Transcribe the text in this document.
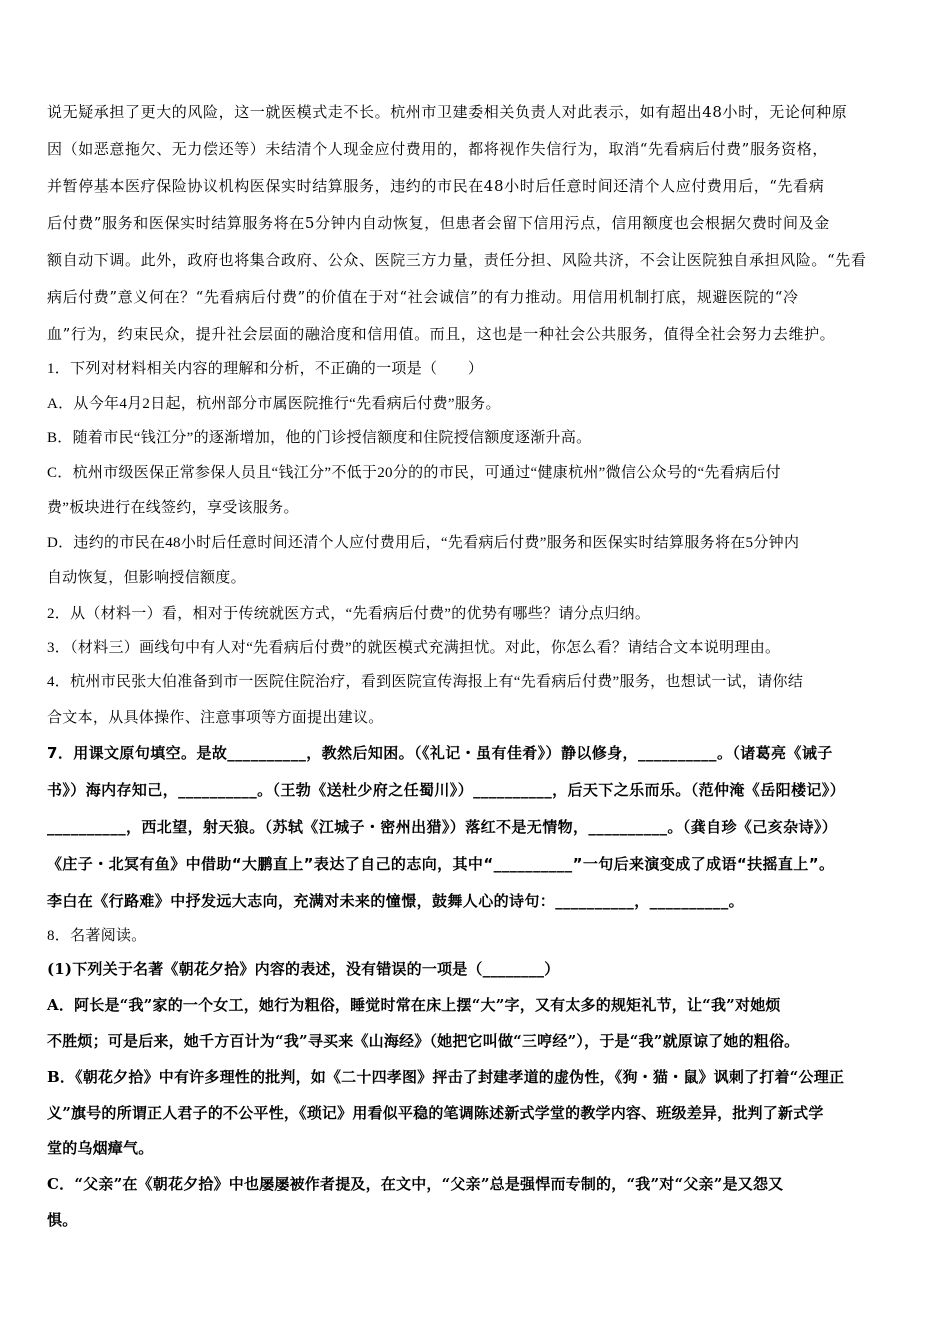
说无疑承担了更大的风险，这一就医模式走不长。杭州市卫建委相关负责人对此表示，如有超出48小时，无论何种原
因（如恶意拖欠、无力偿还等）未结清个人现金应付费用的，都将视作失信行为，取消“先看病后付费”服务资格，
并暂停基本医疗保险协议机构医保实时结算服务，违约的市民在48小时后任意时间还清个人应付费用后，“先看病
后付费”服务和医保实时结算服务将在5分钟内自动恢复，但患者会留下信用污点，信用额度也会根据欠费时间及金
额自动下调。此外，政府也将集合政府、公众、医院三方力量，责任分担、风险共济，不会让医院独自承担风险。“先看
病后付费”意义何在？“先看病后付费”的价值在于对“社会诚信”的有力推动。用信用机制打底，规避医院的“冷
血”行为，约束民众，提升社会层面的融洽度和信用值。而且，这也是一种社会公共服务，值得全社会努力去维护。
1．下列对材料相关内容的理解和分析，不正确的一项是（　　）
A．从今年4月2日起，杭州部分市属医院推行“先看病后付费”服务。
B．随着市民“钱江分”的逐渐增加，他的门诊授信额度和住院授信额度逐渐升高。
C．杭州市级医保正常参保人员且“钱江分”不低于20分的的市民，可通过“健康杭州”微信公众号的“先看病后付
费”板块进行在线签约，享受该服务。
D．违约的市民在48小时后任意时间还清个人应付费用后，“先看病后付费”服务和医保实时结算服务将在5分钟内
自动恢复，但影响授信额度。
2．从（材料一）看，相对于传统就医方式，“先看病后付费”的优势有哪些？请分点归纳。
3．（材料三）画线句中有人对“先看病后付费”的就医模式充满担忧。对此，你怎么看？请结合文本说明理由。
4．杭州市民张大伯准备到市一医院住院治疗，看到医院宣传海报上有“先看病后付费”服务，也想试一试，请你结
合文本，从具体操作、注意事项等方面提出建议。
7．用课文原句填空。是故__________，教然后知困。（《礼记・虽有佳肴》）静以修身，__________。（诸葛亮《诫子
书》）海内存知己，__________。（王勃《送杜少府之任蜀川》）__________，后天下之乐而乐。（范仲淹《岳阳楼记》）
__________，西北望，射天狼。（苏轼《江城子・密州出猎》）落红不是无情物，__________。（龚自珍《己亥杂诗》）
《庄子・北冥有鱼》中借助“大鹏直上”表达了自己的志向，其中“__________”一句后来演变成了成语“扶摇直上”。
李白在《行路难》中抒发远大志向，充满对未来的憧憬，鼓舞人心的诗句：__________，__________。
8．名著阅读。
(1)下列关于名著《朝花夕拾》内容的表述，没有错误的一项是（________）
A．阿长是“我”家的一个女工，她行为粗俗，睡觉时常在床上摆“大”字，又有太多的规矩礼节，让“我”对她烦
不胜烦；可是后来，她千方百计为“我”寻买来《山海经》（她把它叫做“三哼经”），于是“我”就原谅了她的粗俗。
B．《朝花夕拾》中有许多理性的批判，如《二十四孝图》抨击了封建孝道的虚伪性，《狗・猫・鼠》讽刺了打着“公理正
义”旗号的所谓正人君子的不公平性，《琐记》用看似平稳的笔调陈述新式学堂的教学内容、班级差异，批判了新式学
堂的乌烟瘴气。
C．“父亲”在《朝花夕拾》中也屡屡被作者提及，在文中，“父亲”总是强悍而专制的，“我”对“父亲”是又怨又
惧。
